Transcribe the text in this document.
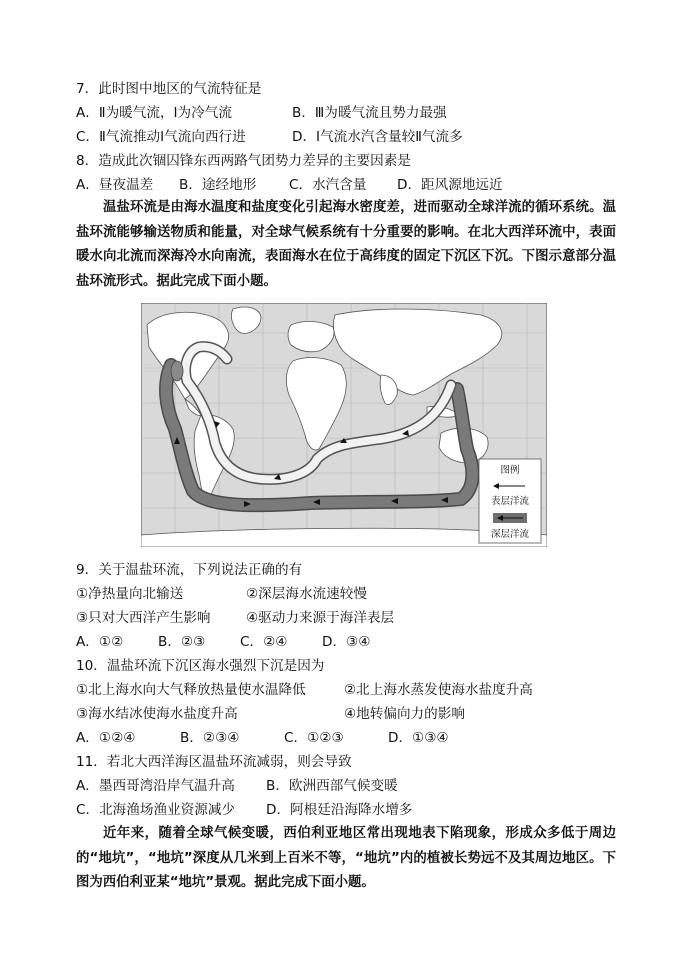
7．此时图中地区的气流特征是
A．Ⅱ为暖气流，Ⅰ为冷气流	B．Ⅲ为暖气流且势力最强
C．Ⅱ气流推动Ⅰ气流向西行进	D．Ⅰ气流水汽含量较Ⅱ气流多
8．造成此次锢囚锋东西两路气团势力差异的主要因素是
A．昼夜温差 B．途经地形 C．水汽含量 D．距风源地远近
温盐环流是由海水温度和盐度变化引起海水密度差，进而驱动全球洋流的循环系统。温盐环流能够输送物质和能量，对全球气候系统有十分重要的影响。在北大西洋环流中，表面暖水向北流而深海冷水向南流，表面海水在位于高纬度的固定下沉区下沉。下图示意部分温盐环流形式。据此完成下面小题。
图例
表层洋流
深层洋流
9．关于温盐环流，下列说法正确的有
①净热量向北输送	②深层海水流速较慢
③只对大西洋产生影响	④驱动力来源于海洋表层
A．①②	B．②③	C．②④	D．③④
10．温盐环流下沉区海水强烈下沉是因为
①北上海水向大气释放热量使水温降低	②北上海水蒸发使海水盐度升高
③海水结冰使海水盐度升高	④地转偏向力的影响
A．①②④	B．②③④	C．①②③	D．①③④
11．若北大西洋海区温盐环流减弱，则会导致
A．墨西哥湾沿岸气温升高 B．欧洲西部气候变暖
C．北海渔场渔业资源减少 D．阿根廷沿海降水增多
近年来，随着全球气候变暖，西伯利亚地区常出现地表下陷现象，形成众多低于周边的“地坑”，“地坑”深度从几米到上百米不等，“地坑”内的植被长势远不及其周边地区。下图为西伯利亚某“地坑”景观。据此完成下面小题。
